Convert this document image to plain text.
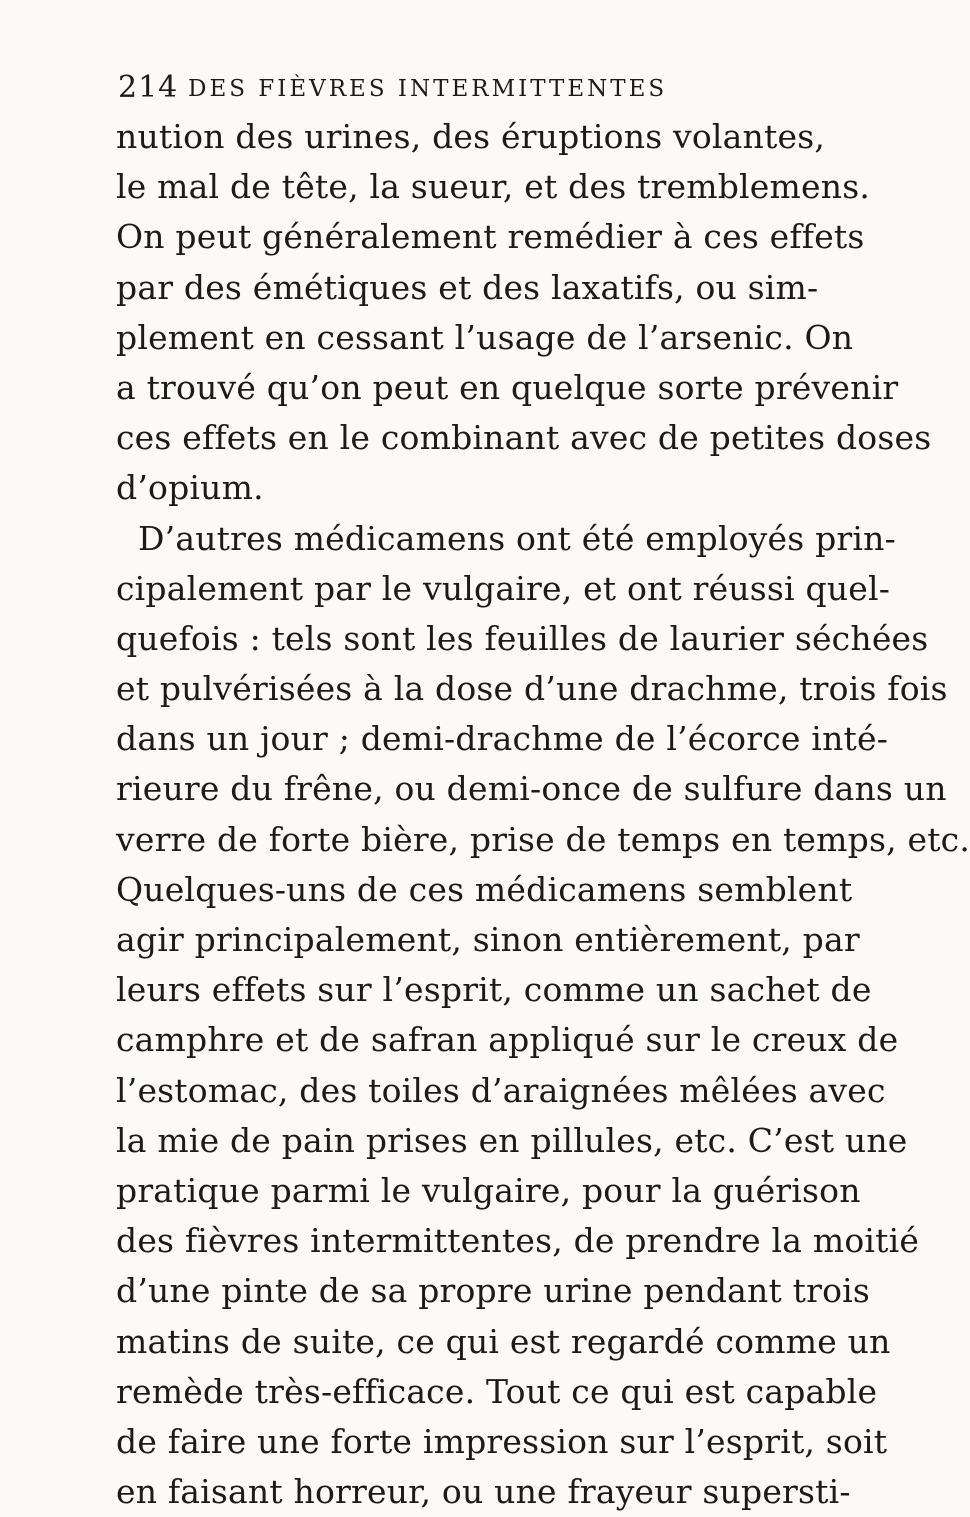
214 DES FIÈVRES INTERMITTENTES
nution des urines, des éruptions volantes,
le mal de tête, la sueur, et des tremblemens.
On peut généralement remédier à ces effets
par des émétiques et des laxatifs, ou sim-
plement en cessant l’usage de l’arsenic. On
a trouvé qu’on peut en quelque sorte prévenir
ces effets en le combinant avec de petites doses
d’opium.
D’autres médicamens ont été employés prin-
cipalement par le vulgaire, et ont réussi quel-
quefois : tels sont les feuilles de laurier séchées
et pulvérisées à la dose d’une drachme, trois fois
dans un jour ; demi-drachme de l’écorce inté-
rieure du frêne, ou demi-once de sulfure dans un
verre de forte bière, prise de temps en temps, etc.
Quelques-uns de ces médicamens semblent
agir principalement, sinon entièrement, par
leurs effets sur l’esprit, comme un sachet de
camphre et de safran appliqué sur le creux de
l’estomac, des toiles d’araignées mêlées avec
la mie de pain prises en pillules, etc. C’est une
pratique parmi le vulgaire, pour la guérison
des fièvres intermittentes, de prendre la moitié
d’une pinte de sa propre urine pendant trois
matins de suite, ce qui est regardé comme un
remède très-efficace. Tout ce qui est capable
de faire une forte impression sur l’esprit, soit
en faisant horreur, ou une frayeur supersti-
